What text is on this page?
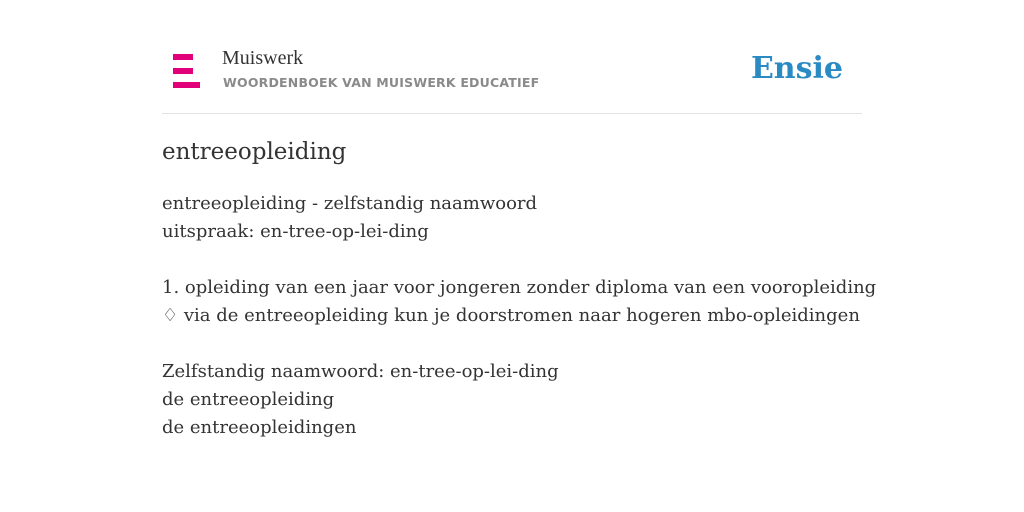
Muiswerk
WOORDENBOEK VAN MUISWERK EDUCATIEF	Ensie
entreeopleiding
entreeopleiding - zelfstandig naamwoord
uitspraak: en-tree-op-lei-ding
1. opleiding van een jaar voor jongeren zonder diploma van een vooropleiding
♢ via de entreeopleiding kun je doorstromen naar hogeren mbo-opleidingen
Zelfstandig naamwoord: en-tree-op-lei-ding
de entreeopleiding
de entreeopleidingen
